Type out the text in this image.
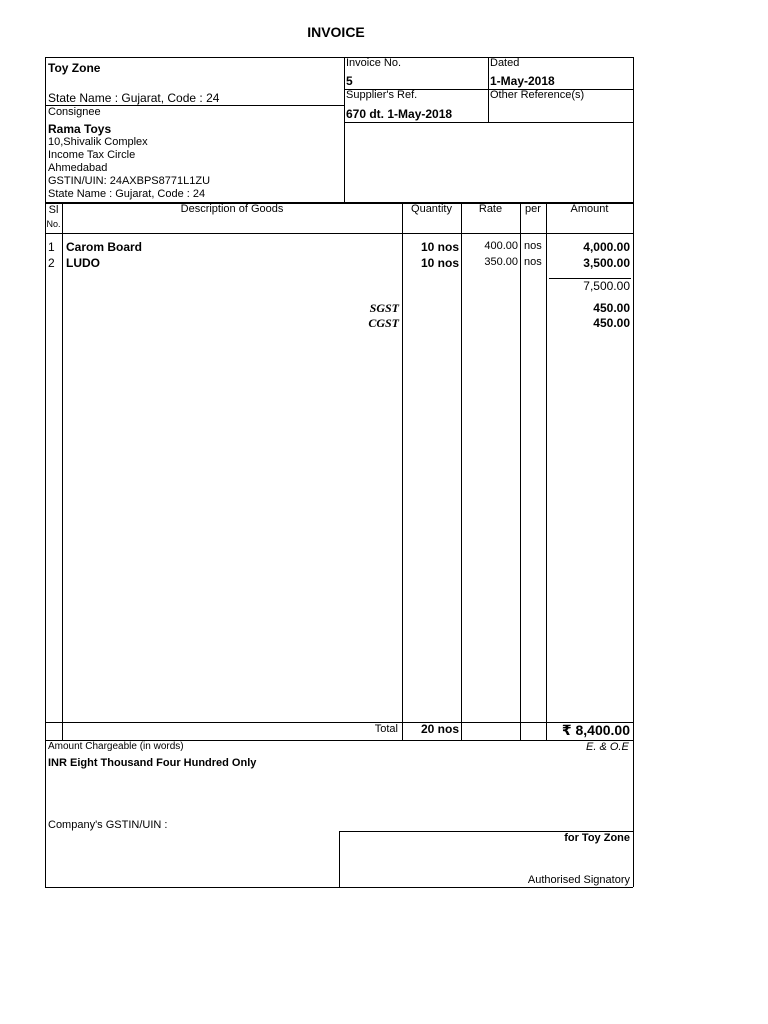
INVOICE
Toy Zone
State Name : Gujarat, Code : 24
Invoice No.
5
Dated
1-May-2018
Supplier's Ref.
670 dt. 1-May-2018
Other Reference(s)
Consignee
Rama Toys
10,Shivalik Complex
Income Tax Circle
Ahmedabad
GSTIN/UIN: 24AXBPS8771L1ZU
State Name : Gujarat, Code : 24
Sl
No.
Description of Goods	Quantity	Rate	per	Amount
1 Carom Board	10 nos	400.00 nos	4,000.00
2 LUDO	10 nos	350.00 nos	3,500.00
7,500.00
SGST	450.00
CGST	450.00
Total	20 nos	₹ 8,400.00
Amount Chargeable (in words)	E. & O.E
INR Eight Thousand Four Hundred Only
Company's GSTIN/UIN :
for Toy Zone
Authorised Signatory
